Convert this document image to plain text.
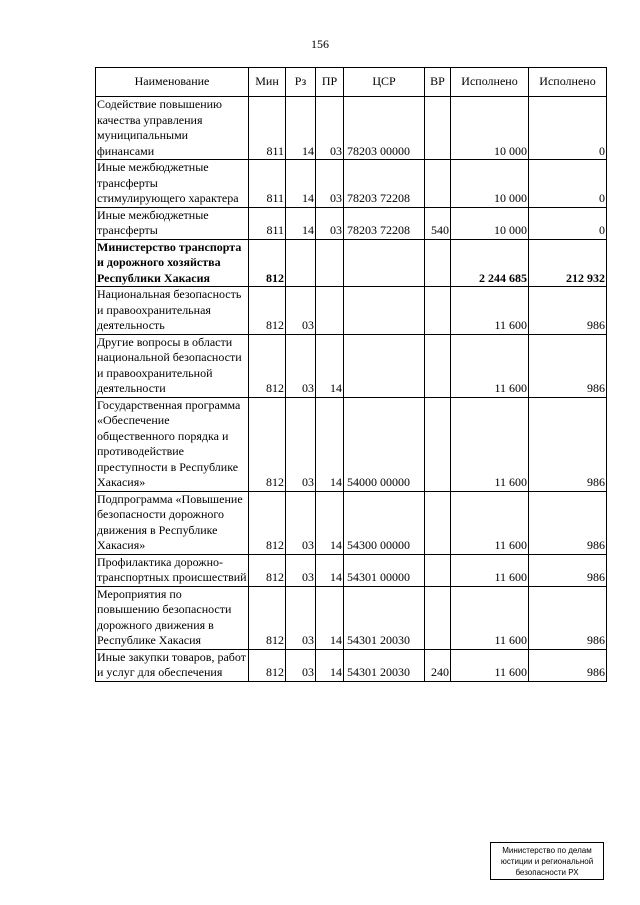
156
Наименование	Мин	Рз	ПР	ЦСР	ВР	Исполнено	Исполнено
Содействие повышению качества управления муниципальными финансами	811	14	03	78203 00000		10 000	0
Иные межбюджетные трансферты стимулирующего характера	811	14	03	78203 72208		10 000	0
Иные межбюджетные трансферты	811	14	03	78203 72208	540	10 000	0
Министерство транспорта и дорожного хозяйства Республики Хакасия	812					2 244 685	212 932
Национальная безопасность и правоохранительная деятельность	812	03				11 600	986
Другие вопросы в области национальной безопасности и правоохранительной деятельности	812	03	14			11 600	986
Государственная программа «Обеспечение общественного порядка и противодействие преступности в Республике Хакасия»	812	03	14	54000 00000		11 600	986
Подпрограмма «Повышение безопасности дорожного движения в Республике Хакасия»	812	03	14	54300 00000		11 600	986
Профилактика дорожно-транспортных происшествий	812	03	14	54301 00000		11 600	986
Мероприятия по повышению безопасности дорожного движения в Республике Хакасия	812	03	14	54301 20030		11 600	986
Иные закупки товаров, работ и услуг для обеспечения	812	03	14	54301 20030	240	11 600	986
Министерство по делам
юстиции и региональной
безопасности РХ
